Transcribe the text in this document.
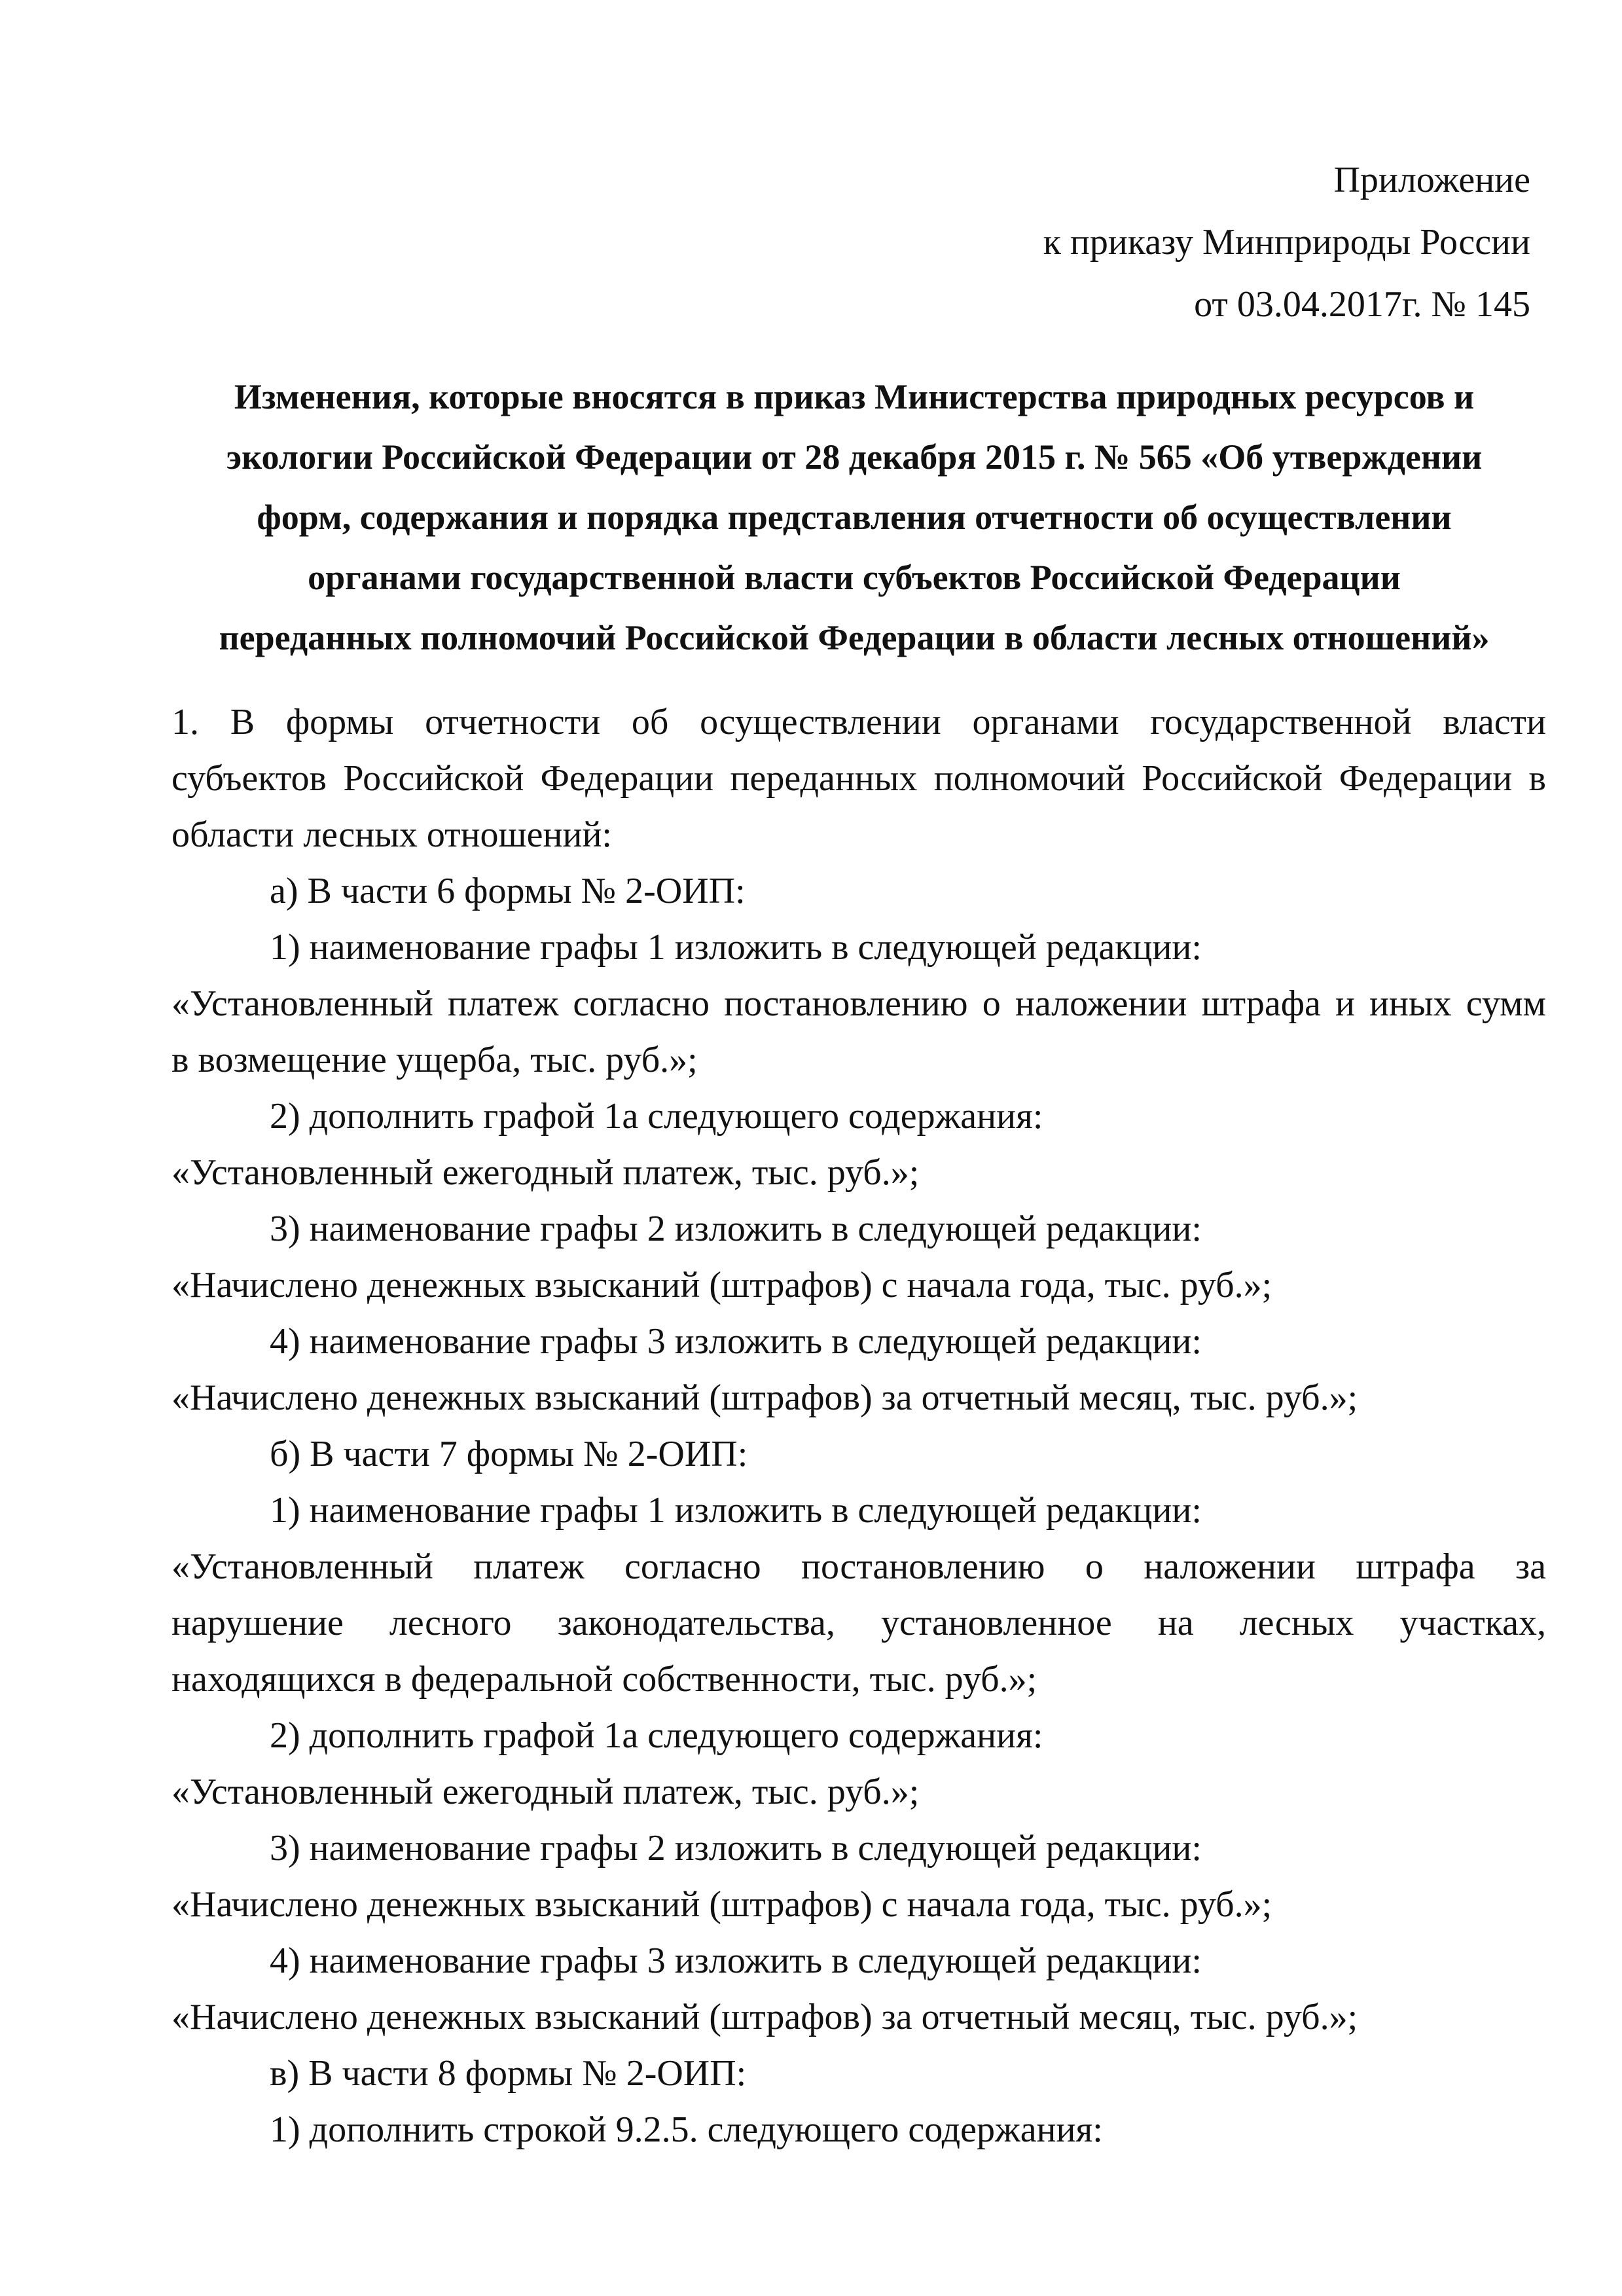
Приложение
к приказу Минприроды России
от 03.04.2017г. № 145
Изменения, которые вносятся в приказ Министерства природных ресурсов и
экологии Российской Федерации от 28 декабря 2015 г. № 565 «Об утверждении
форм, содержания и порядка представления отчетности об осуществлении
органами государственной власти субъектов Российской Федерации
переданных полномочий Российской Федерации в области лесных отношений»
1. В формы отчетности об осуществлении органами государственной власти
субъектов Российской Федерации переданных полномочий Российской Федерации в
области лесных отношений:
а) В части 6 формы № 2-ОИП:
1) наименование графы 1 изложить в следующей редакции:
«Установленный платеж согласно постановлению о наложении штрафа и иных сумм
в возмещение ущерба, тыс. руб.»;
2) дополнить графой 1а следующего содержания:
«Установленный ежегодный платеж, тыс. руб.»;
3) наименование графы 2 изложить в следующей редакции:
«Начислено денежных взысканий (штрафов) с начала года, тыс. руб.»;
4) наименование графы 3 изложить в следующей редакции:
«Начислено денежных взысканий (штрафов) за отчетный месяц, тыс. руб.»;
б) В части 7 формы № 2-ОИП:
1) наименование графы 1 изложить в следующей редакции:
«Установленный платеж согласно постановлению о наложении штрафа за
нарушение лесного законодательства, установленное на лесных участках,
находящихся в федеральной собственности, тыс. руб.»;
2) дополнить графой 1а следующего содержания:
«Установленный ежегодный платеж, тыс. руб.»;
3) наименование графы 2 изложить в следующей редакции:
«Начислено денежных взысканий (штрафов) с начала года, тыс. руб.»;
4) наименование графы 3 изложить в следующей редакции:
«Начислено денежных взысканий (штрафов) за отчетный месяц, тыс. руб.»;
в) В части 8 формы № 2-ОИП:
1) дополнить строкой 9.2.5. следующего содержания:
